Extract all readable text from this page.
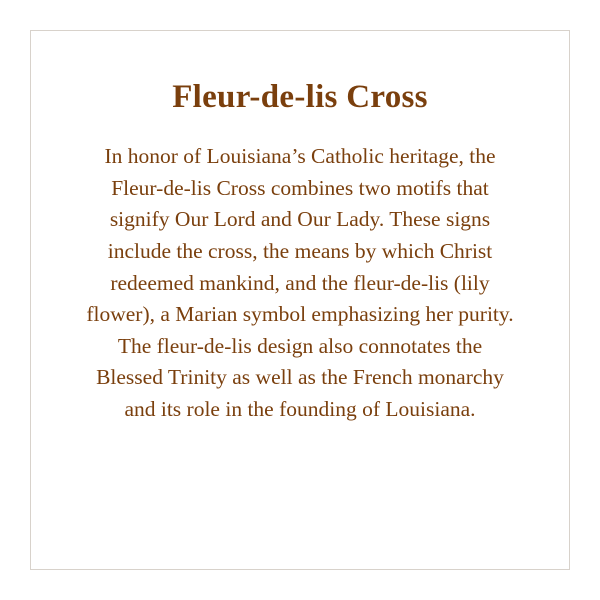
Fleur-de-lis Cross

In honor of Louisiana’s Catholic heritage, the Fleur-de-lis Cross combines two motifs that signify Our Lord and Our Lady. These signs include the cross, the means by which Christ redeemed mankind, and the fleur-de-lis (lily flower), a Marian symbol emphasizing her purity. The fleur-de-lis design also connotates the Blessed Trinity as well as the French monarchy and its role in the founding of Louisiana.
